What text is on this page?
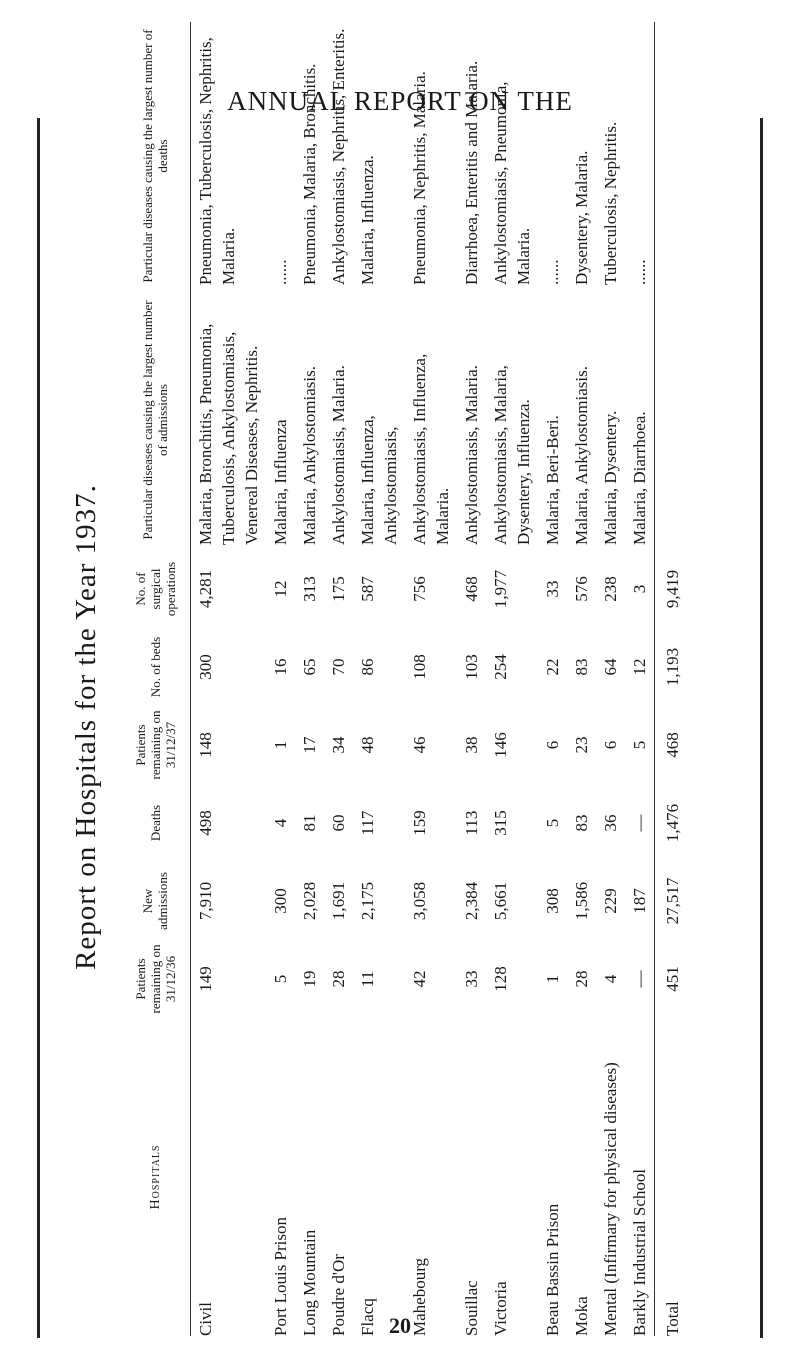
ANNUAL REPORT ON THE
Report on Hospitals for the Year 1937.
Hospitals	Patients remaining on 31/12/36	New admissions	Deaths	Patients remaining on 31/12/37	No. of beds	No. of surgical operations	Particular diseases causing the largest number of admissions	Particular diseases causing the largest number of deaths
Civil	149	7,910	498	148	300	4,281	Malaria, Bronchitis, Pneumonia, Tuberculosis, Ankylostomiasis, Venereal Diseases, Nephritis.	Pneumonia, Tuberculosis, Nephritis, Malaria.
Port Louis Prison	5	300	4	1	16	12	Malaria, Influenza	......
Long Mountain	19	2,028	81	17	65	313	Malaria, Ankylostomiasis.	Pneumonia, Malaria, Bronchitis.
Poudre d'Or	28	1,691	60	34	70	175	Ankylostomiasis, Malaria.	Ankylostomiasis, Nephritis, Enteritis.
Flacq	11	2,175	117	48	86	587	Malaria, Influenza, Ankylostomiasis,	Malaria, Influenza.
Mahebourg	42	3,058	159	46	108	756	Ankylostomiasis, Influenza, Malaria.	Pneumonia, Nephritis, Malaria.
Souillac	33	2,384	113	38	103	468	Ankylostomiasis, Malaria.	Diarrhoea, Enteritis and Malaria.
Victoria	128	5,661	315	146	254	1,977	Ankylostomiasis, Malaria, Dysentery, Influenza.	Ankylostomiasis, Pneumonia, Malaria.
Beau Bassin Prison	1	308	5	6	22	33	Malaria, Beri-Beri.	......
Moka	28	1,586	83	23	83	576	Malaria, Ankylostomiasis.	Dysentery, Malaria.
Mental (Infirmary for physical diseases)	4	229	36	6	64	238	Malaria, Dysentery.	Tuberculosis, Nephritis.
Barkly Industrial School	—	187	—	5	12	3	Malaria, Diarrhoea.	......
Total	451	27,517	1,476	468	1,193	9,419		
20
